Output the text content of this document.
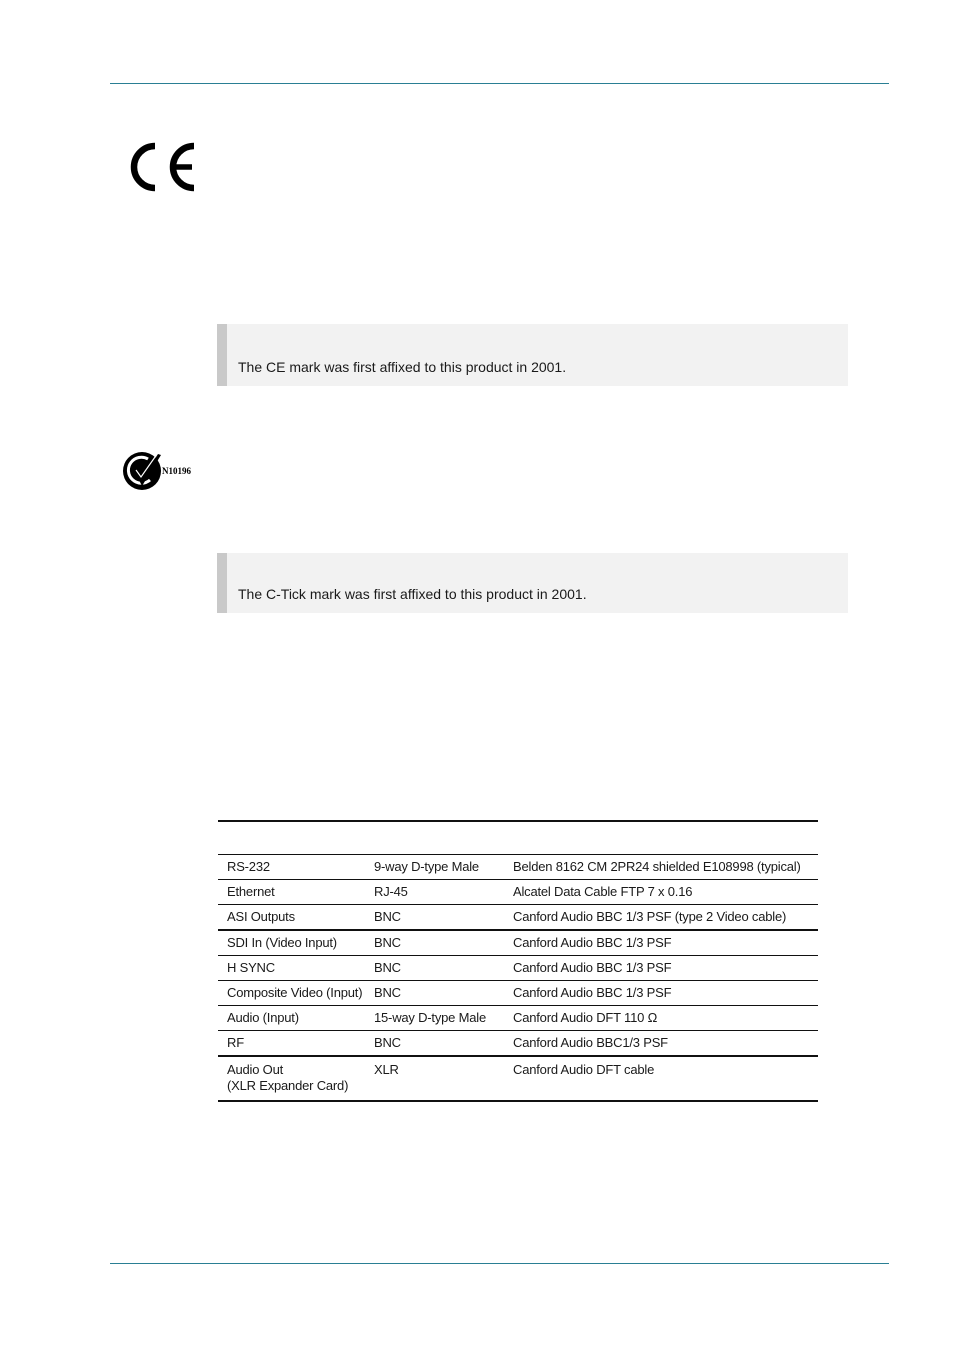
The CE mark was first affixed to this product in 2001.
N10196
The C-Tick mark was first affixed to this product in 2001.

RS-232	9-way D-type Male	Belden 8162 CM 2PR24 shielded E108998 (typical)
Ethernet	RJ-45	Alcatel Data Cable FTP 7 x 0.16
ASI Outputs	BNC	Canford Audio BBC 1/3 PSF (type 2 Video cable)
SDI In (Video Input)	BNC	Canford Audio BBC 1/3 PSF
H SYNC	BNC	Canford Audio BBC 1/3 PSF
Composite Video (Input)	BNC	Canford Audio BBC 1/3 PSF
Audio (Input)	15-way D-type Male	Canford Audio DFT 110 Ω
RF	BNC	Canford Audio BBC1/3 PSF

Audio Out
(XLR Expander Card)	XLR	Canford Audio DFT cable
